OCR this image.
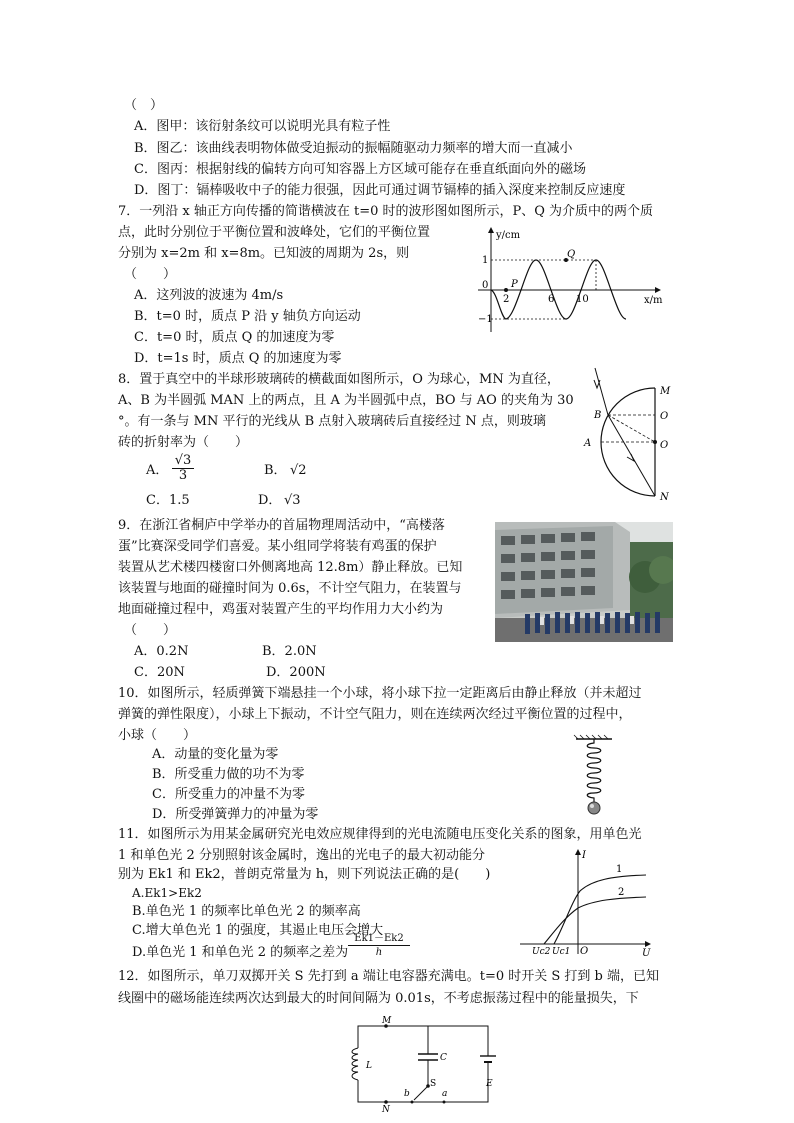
（　）
A．图甲：该衍射条纹可以说明光具有粒子性
B．图乙：该曲线表明物体做受迫振动的振幅随驱动力频率的增大而一直减小
C．图丙：根据射线的偏转方向可知容器上方区域可能存在垂直纸面向外的磁场
D．图丁：镉棒吸收中子的能力很强，因此可通过调节镉棒的插入深度来控制反应速度
7．一列沿 x 轴正方向传播的简谐横波在 t=0 时的波形图如图所示，P、Q 为介质中的两个质
点，此时分别位于平衡位置和波峰处，它们的平衡位置
分别为 x=2m 和 x=8m。已知波的周期为 2s，则
（　　）
A．这列波的波速为 4m/s
B．t=0 时，质点 P 沿 y 轴负方向运动
C．t=0 时，质点 Q 的加速度为零
D．t=1s 时，质点 Q 的加速度为零
y/cm
x/m
0
1
−1
2	6 10
P
Q
8．置于真空中的半球形玻璃砖的横截面如图所示，O 为球心，MN 为直径，
A、B 为半圆弧 MAN 上的两点，且 A 为半圆弧中点，BO 与 AO 的夹角为 30
°。有一条与 MN 平行的光线从 B 点射入玻璃砖后直接经过 N 点，则玻璃
砖的折射率为（　　）
A． $\frac{√3}{3}$	B． √2
C．1.5	D． √3
M
B
A
O
O
N
9．在浙江省桐庐中学举办的首届物理周活动中，“高楼落
蛋”比赛深受同学们喜爱。某小组同学将装有鸡蛋的保护
装置从艺术楼四楼窗口外侧离地高 12.8m）静止释放。已知
该装置与地面的碰撞时间为 0.6s，不计空气阻力，在装置与
地面碰撞过程中，鸡蛋对装置产生的平均作用力大小约为
（　　）
A．0.2N	B．2.0N
C．20N	D．200N
10．如图所示，轻质弹簧下端悬挂一个小球，将小球下拉一定距离后由静止释放（并未超过
弹簧的弹性限度），小球上下振动，不计空气阻力，则在连续两次经过平衡位置的过程中，
小球（　　）
A．动量的变化量为零
B．所受重力做的功不为零
C．所受重力的冲量不为零
D．所受弹簧弹力的冲量为零
11．如图所示为用某金属研究光电效应规律得到的光电流随电压变化关系的图象，用单色光
1 和单色光 2 分别照射该金属时，逸出的光电子的最大初动能分
别为 Ek1 和 Ek2，普朗克常量为 h，则下列说法正确的是(　　)
A.Ek1>Ek2
B.单色光 1 的频率比单色光 2 的频率高
C.增大单色光 1 的强度，其遏止电压会增大
D.单色光 1 和单色光 2 的频率之差为 $\frac{Ek1-Ek2}{h}$
I
U
O
Uc2 Uc1
1
2
12．如图所示，单刀双掷开关 S 先打到 a 端让电容器充满电。t=0 时开关 S 打到 b 端，已知
线圈中的磁场能连续两次达到最大的时间间隔为 0.01s，不考虑振荡过程中的能量损失，下
M
N
L
C
S	E
b	a
